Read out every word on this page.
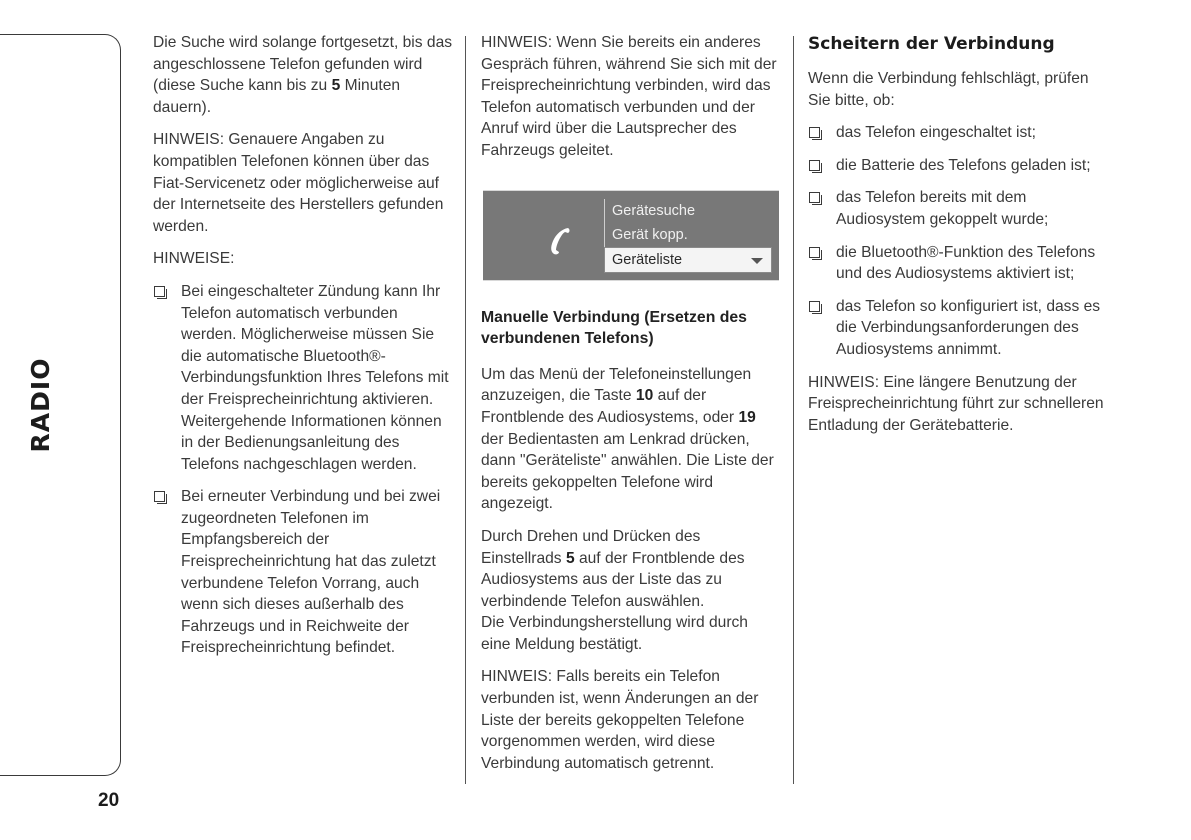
RADIO
20

Die Suche wird solange fortgesetzt, bis das angeschlossene Telefon gefunden wird (diese Suche kann bis zu 5 Minuten dauern).

HINWEIS: Genauere Angaben zu kompatiblen Telefonen können über das Fiat-Servicenetz oder möglicherweise auf der Internetseite des Herstellers gefunden werden.

HINWEISE:

Bei eingeschalteter Zündung kann Ihr Telefon automatisch verbunden werden. Möglicherweise müssen Sie die automatische Bluetooth®-Verbindungsfunktion Ihres Telefons mit der Freisprecheinrichtung aktivieren. Weitergehende Informationen können in der Bedienungsanleitung des Telefons nachgeschlagen werden.
Bei erneuter Verbindung und bei zwei zugeordneten Telefonen im Empfangsbereich der Freisprecheinrichtung hat das zuletzt verbundene Telefon Vorrang, auch wenn sich dieses außerhalb des Fahrzeugs und in Reichweite der Freisprecheinrichtung befindet.

HINWEIS: Wenn Sie bereits ein anderes Gespräch führen, während Sie sich mit der Freisprecheinrichtung verbinden, wird das Telefon automatisch verbunden und der Anruf wird über die Lautsprecher des Fahrzeugs geleitet.

Gerätesuche
Gerät kopp.
Geräteliste
Manuelle Verbindung (Ersetzen des verbundenen Telefons)

Um das Menü der Telefoneinstellungen anzuzeigen, die Taste 10 auf der Frontblende des Audiosystems, oder 19 der Bedientasten am Lenkrad drücken, dann "Geräteliste" anwählen. Die Liste der bereits gekoppelten Telefone wird angezeigt.

Durch Drehen und Drücken des Einstellrads 5 auf der Frontblende des Audiosystems aus der Liste das zu verbindende Telefon auswählen.
Die Verbindungsherstellung wird durch eine Meldung bestätigt.

HINWEIS: Falls bereits ein Telefon verbunden ist, wenn Änderungen an der Liste der bereits gekoppelten Telefone vorgenommen werden, wird diese Verbindung automatisch getrennt.

Scheitern der Verbindung

Wenn die Verbindung fehlschlägt, prüfen Sie bitte, ob:

das Telefon eingeschaltet ist;
die Batterie des Telefons geladen ist;
das Telefon bereits mit dem Audiosystem gekoppelt wurde;
die Bluetooth®-Funktion des Telefons und des Audiosystems aktiviert ist;
das Telefon so konfiguriert ist, dass es die Verbindungsanforderungen des Audiosystems annimmt.

HINWEIS: Eine längere Benutzung der Freisprecheinrichtung führt zur schnelleren Entladung der Gerätebatterie.
